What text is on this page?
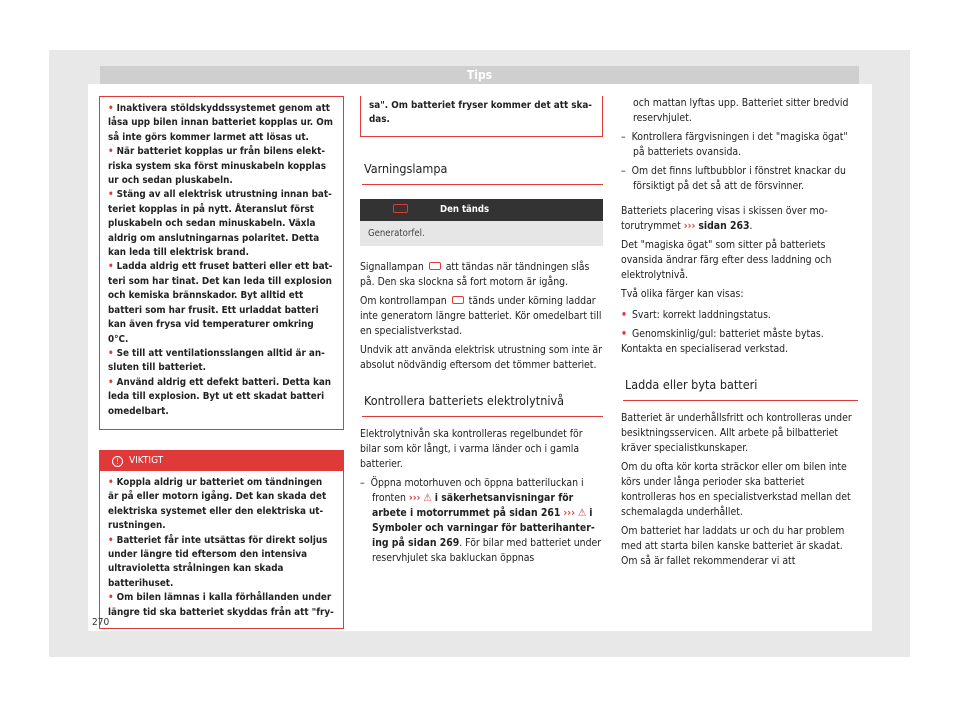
Tips
• Inaktivera stöldskyddssystemet genom att låsa upp bilen innan batteriet kopplas ur. Om så inte görs kommer larmet att lösas ut.
• När batteriet kopplas ur från bilens elektriska system ska först minuskabeln kopplas ur och sedan pluskabeln.
• Stäng av all elektrisk utrustning innan batteriet kopplas in på nytt. Återanslut först pluskabeln och sedan minuskabeln. Växla aldrig om anslutningarnas polaritet. Detta kan leda till elektrisk brand.
• Ladda aldrig ett fruset batteri eller ett batteri som har tinat. Det kan leda till explosion och kemiska brännskador. Byt alltid ett batteri som har frusit. Ett urladdat batteri kan även frysa vid temperaturer omkring 0°C.
• Se till att ventilationsslangen alltid är ansluten till batteriet.
• Använd aldrig ett defekt batteri. Detta kan leda till explosion. Byt ut ett skadat batteri omedelbart.
! VIKTIGT
• Koppla aldrig ur batteriet om tändningen är på eller motorn igång. Det kan skada det elektriska systemet eller den elektriska utrustningen.
• Batteriet får inte utsättas för direkt soljus under längre tid eftersom den intensiva ultravioletta strålningen kan skada batterihuset.
• Om bilen lämnas i kalla förhållanden under längre tid ska batteriet skyddas från att "fry-
sa". Om batteriet fryser kommer det att skadas.
Varningslampa
	Den tänds
Generatorfel.
Signallampan att tändas när tändningen slås på. Den ska slockna så fort motorn är igång.
Om kontrollampan tänds under körning laddar inte generatorn längre batteriet. Kör omedelbart till en specialistverkstad.
Undvik att använda elektrisk utrustning som inte är absolut nödvändig eftersom det tömmer batteriet.
Kontrollera batteriets elektrolytnivå
Elektrolytnivån ska kontrolleras regelbundet för bilar som kör långt, i varma länder och i gamla batterier.
–  Öppna motorhuven och öppna batteriluckan i fronten ››› ⚠ i säkerhetsanvisningar för arbete i motorrummet på sidan 261 ››› ⚠ i Symboler och varningar för batterihantering på sidan 269. För bilar med batteriet under reservhjulet ska bakluckan öppnas
och mattan lyftas upp. Batteriet sitter bredvid reservhjulet.
–  Kontrollera färgvisningen i det "magiska ögat" på batteriets ovansida.
–  Om det finns luftbubblor i fönstret knackar du försiktigt på det så att de försvinner.
Batteriets placering visas i skissen över motorutrymmet ››› sidan 263.
Det "magiska ögat" som sitter på batteriets ovansida ändrar färg efter dess laddning och elektrolytnivå.
Två olika färger kan visas:
• Svart: korrekt laddningstatus.
• Genomskinlig/gul: batteriet måste bytas. Kontakta en specialiserad verkstad.
Ladda eller byta batteri
Batteriet är underhållsfritt och kontrolleras under besiktningsservicen. Allt arbete på bilbatteriet kräver specialistkunskaper.
Om du ofta kör korta sträckor eller om bilen inte körs under långa perioder ska batteriet kontrolleras hos en specialistverkstad mellan det schemalagda underhållet.
Om batteriet har laddats ur och du har problem med att starta bilen kanske batteriet är skadat. Om så är fallet rekommenderar vi att
270
